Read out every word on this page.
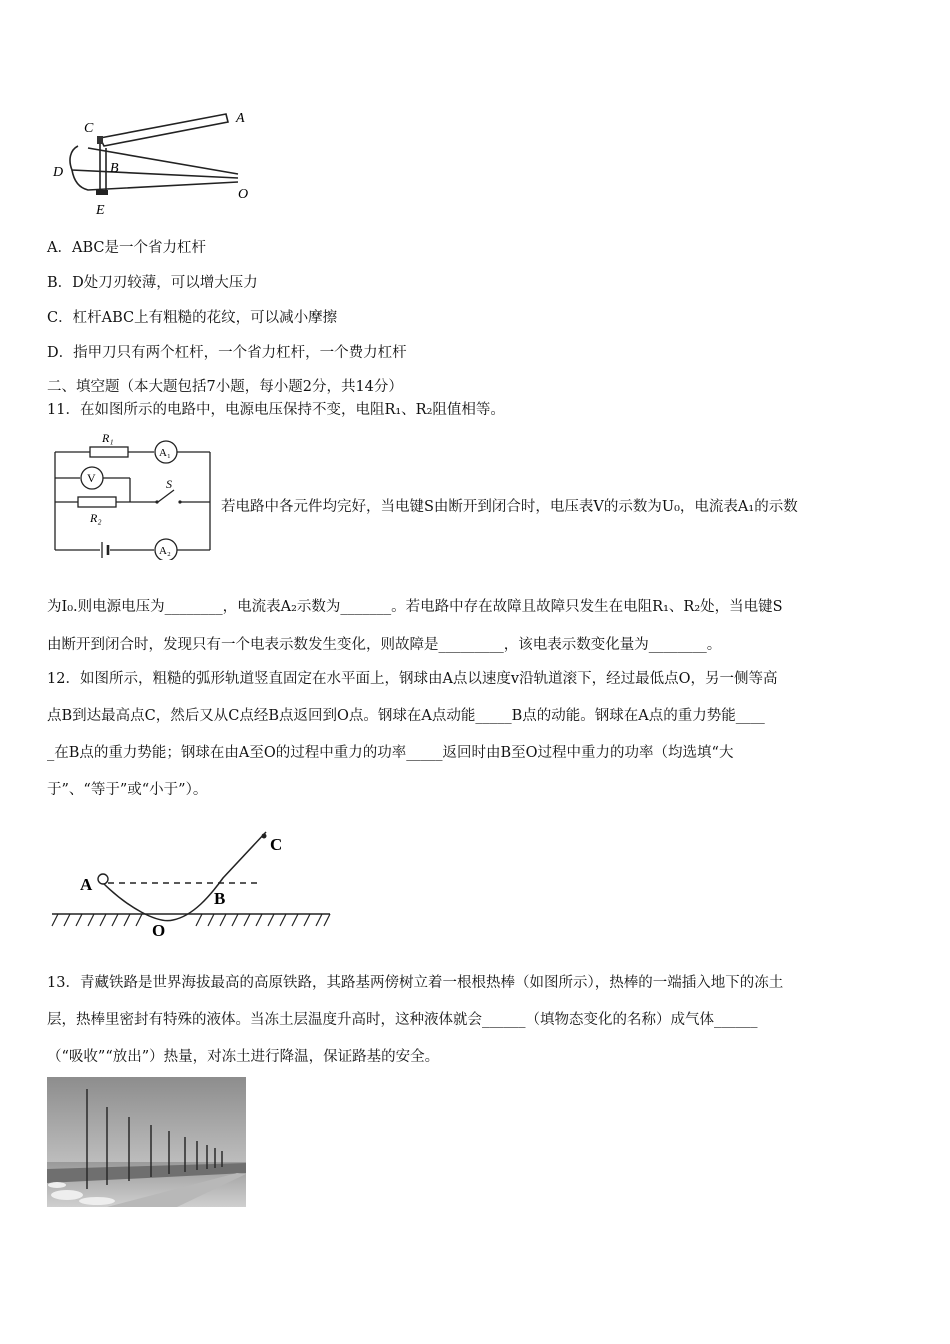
C
A
B
D
O
E
A．ABC是一个省力杠杆
B．D处刀刃较薄，可以增大压力
C．杠杆ABC上有粗糙的花纹，可以减小摩擦
D．指甲刀只有两个杠杆，一个省力杠杆，一个费力杠杆
二、填空题（本大题包括7小题，每小题2分，共14分）
11．在如图所示的电路中，电源电压保持不变，电阻R₁、R₂阻值相等。
R₁
A₁
V	S
R₂
A₂
若电路中各元件均完好，当电键S由断开到闭合时，电压表V的示数为U₀，电流表A₁的示数
为I₀.则电源电压为________，电流表A₂示数为_______。若电路中存在故障且故障只发生在电阻R₁、R₂处，当电键S
由断开到闭合时，发现只有一个电表示数发生变化，则故障是_________，该电表示数变化量为________。
12．如图所示，粗糙的弧形轨道竖直固定在水平面上，钢球由A点以速度v沿轨道滚下，经过最低点O，另一侧等高
点B到达最高点C，然后又从C点经B点返回到O点。钢球在A点动能_____B点的动能。钢球在A点的重力势能____
_在B点的重力势能；钢球在由A至O的过程中重力的功率_____返回时由B至O过程中重力的功率（均选填“大
于”、“等于”或“小于”）。
A
B
C
O
13．青藏铁路是世界海拔最高的高原铁路，其路基两傍树立着一根根热棒（如图所示），热棒的一端插入地下的冻土
层，热棒里密封有特殊的液体。当冻土层温度升高时，这种液体就会______（填物态变化的名称）成气体______
（“吸收”“放出”）热量，对冻土进行降温，保证路基的安全。
